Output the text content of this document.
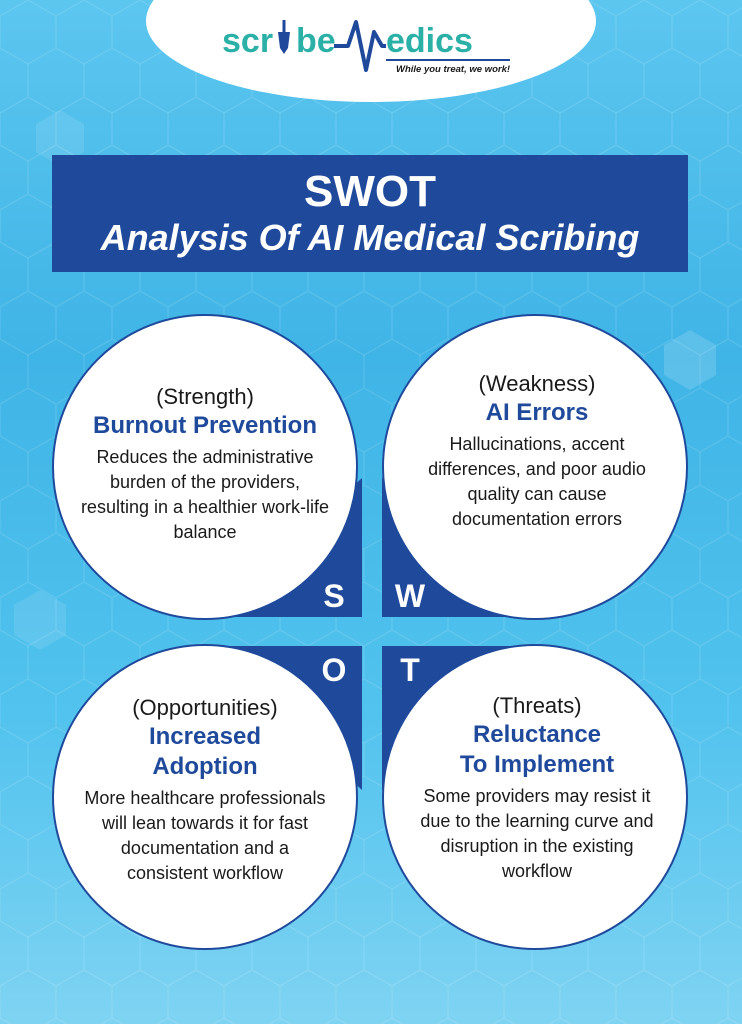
scr be edics
While you treat, we work!
SWOT
Analysis Of AI Medical Scribing
S W
O	T
(Strength)
Burnout Prevention
Reduces the administrative burden of the providers, resulting in a healthier work-life balance
(Weakness)
AI Errors
Hallucinations, accent differences, and poor audio quality can cause documentation errors
(Opportunities)
Increased
Adoption
More healthcare professionals will lean towards it for fast documentation and a consistent workflow
(Threats)
Reluctance
To Implement
Some providers may resist it due to the learning curve and disruption in the existing workflow
